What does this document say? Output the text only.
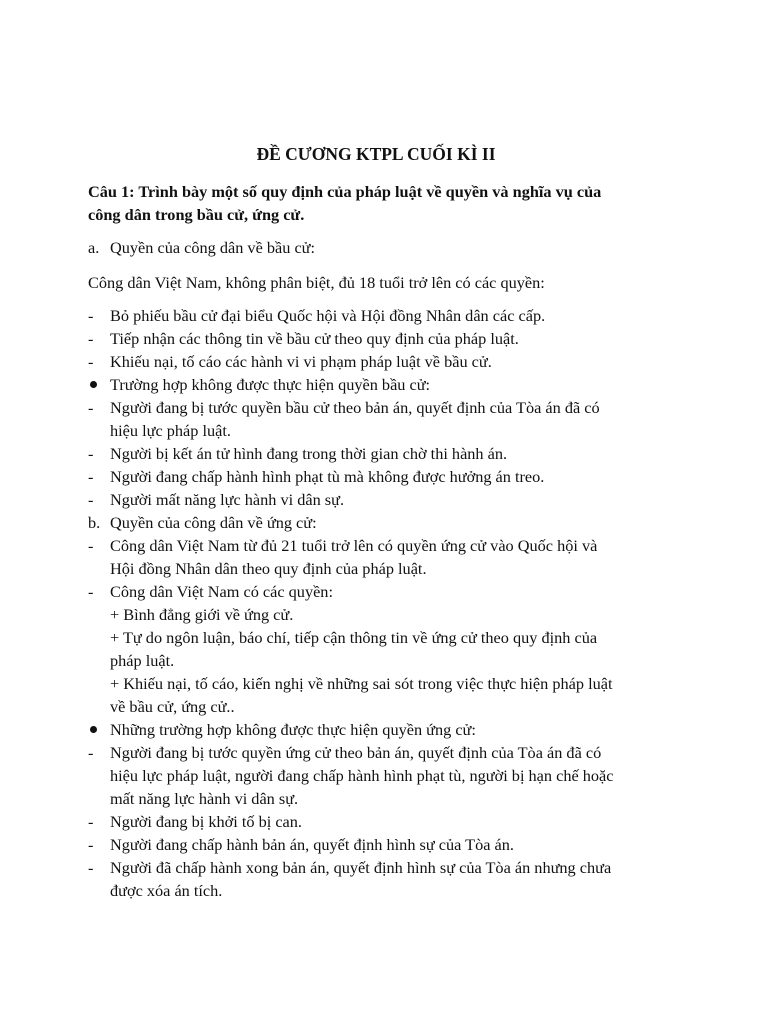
ĐỀ CƯƠNG KTPL CUỐI KÌ II
Câu 1: Trình bày một số quy định của pháp luật về quyền và nghĩa vụ của
công dân trong bầu cử, ứng cử.
a. Quyền của công dân về bầu cử:
Công dân Việt Nam, không phân biệt, đủ 18 tuổi trở lên có các quyền:
-	Bỏ phiếu bầu cử đại biểu Quốc hội và Hội đồng Nhân dân các cấp.
-	Tiếp nhận các thông tin về bầu cử theo quy định của pháp luật.
-	Khiếu nại, tố cáo các hành vi vi phạm pháp luật về bầu cử.
Trường hợp không được thực hiện quyền bầu cử:
-	Người đang bị tước quyền bầu cử theo bản án, quyết định của Tòa án đã có
hiệu lực pháp luật.
-	Người bị kết án tử hình đang trong thời gian chờ thi hành án.
-	Người đang chấp hành hình phạt tù mà không được hưởng án treo.
-	Người mất năng lực hành vi dân sự.
b. Quyền của công dân về ứng cử:
-	Công dân Việt Nam từ đủ 21 tuổi trở lên có quyền ứng cử vào Quốc hội và
Hội đồng Nhân dân theo quy định của pháp luật.
-	Công dân Việt Nam có các quyền:
+ Bình đẳng giới về ứng cử.
+ Tự do ngôn luận, báo chí, tiếp cận thông tin về ứng cử theo quy định của
pháp luật.
+ Khiếu nại, tố cáo, kiến nghị về những sai sót trong việc thực hiện pháp luật
về bầu cử, ứng cử..
Những trường hợp không được thực hiện quyền ứng cử:
-	Người đang bị tước quyền ứng cử theo bản án, quyết định của Tòa án đã có
hiệu lực pháp luật, người đang chấp hành hình phạt tù, người bị hạn chế hoặc
mất năng lực hành vi dân sự.
-	Người đang bị khởi tố bị can.
-	Người đang chấp hành bản án, quyết định hình sự của Tòa án.
-	Người đã chấp hành xong bản án, quyết định hình sự của Tòa án nhưng chưa
được xóa án tích.
